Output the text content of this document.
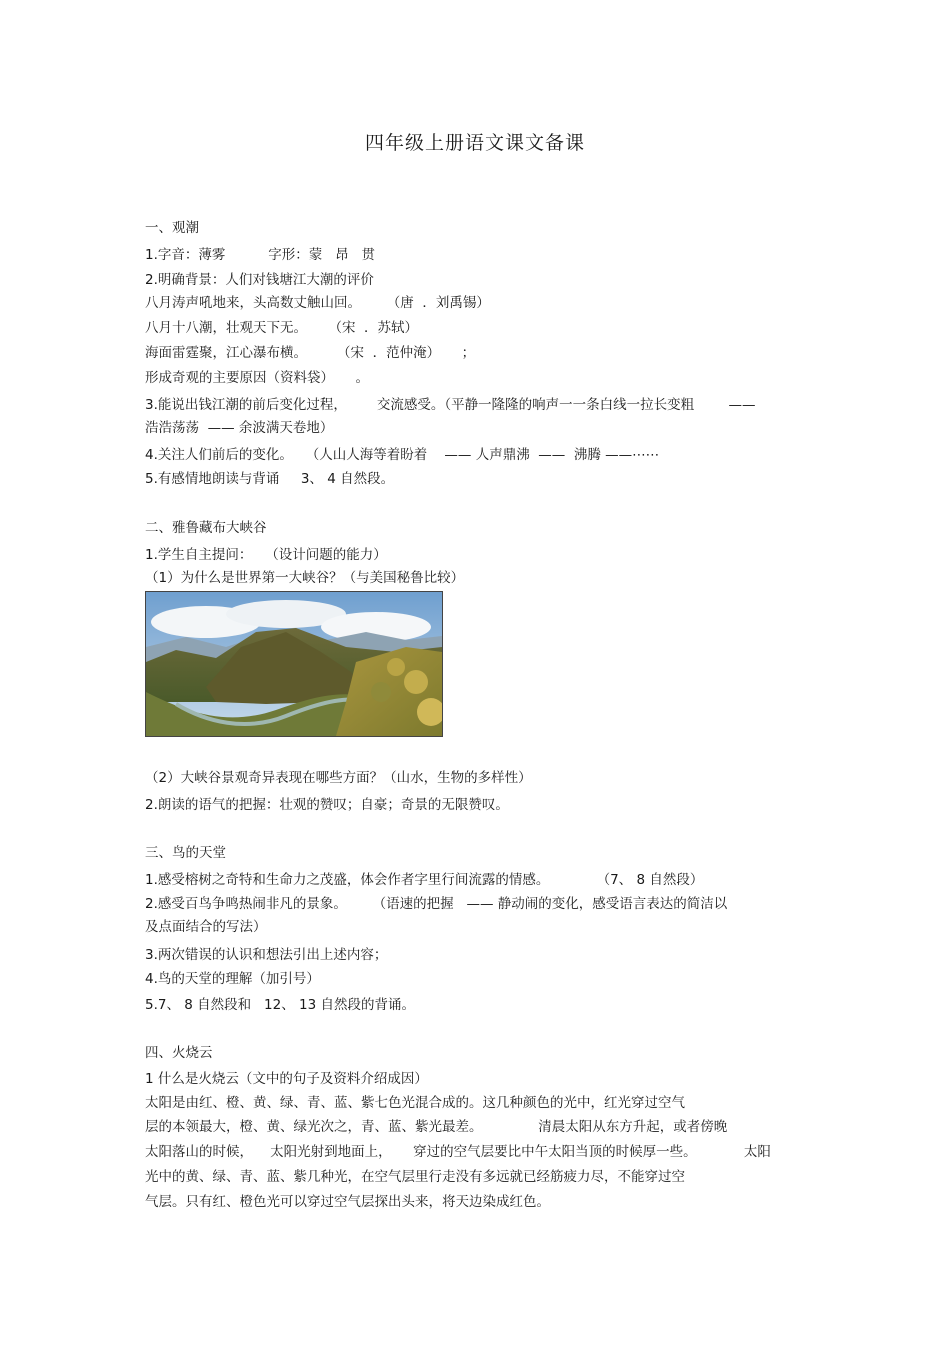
四年级上册语文课文备课

一、观潮

1.字音：薄雾          字形：蒙   昂   贯

2.明确背景：人们对钱塘江大潮的评价

八月涛声吼地来，头高数丈触山回。      （唐  ．刘禹锡）

八月十八潮，壮观天下无。     （宋  ．苏轼）

海面雷霆聚，江心瀑布横。       （宋  ．范仲淹）     ；

形成奇观的主要原因（资料袋）     。

3.能说出钱江潮的前后变化过程，       交流感受。（平静一隆隆的响声一一条白线一拉长变粗        ——

浩浩荡荡  —— 余波满天卷地）

4.关注人们前后的变化。   （人山人海等着盼着    —— 人声鼎沸  ——  沸腾 ——⋯⋯

5.有感情地朗读与背诵     3、 4 自然段。

二、雅鲁藏布大峡谷

1.学生自主提问：   （设计问题的能力）

（1）为什么是世界第一大峡谷？（与美国秘鲁比较）

（2）大峡谷景观奇异表现在哪些方面？（山水，生物的多样性）

2.朗读的语气的把握：壮观的赞叹；自豪；奇景的无限赞叹。

三、鸟的天堂

1.感受榕树之奇特和生命力之茂盛，体会作者字里行间流露的情感。           （7、 8 自然段）

2.感受百鸟争鸣热闹非凡的景象。      （语速的把握   —— 静动闹的变化，感受语言表达的简洁以

及点面结合的写法）

3.两次错误的认识和想法引出上述内容；

4.鸟的天堂的理解（加引号）

5.7、 8 自然段和   12、 13 自然段的背诵。

四、火烧云

1 什么是火烧云（文中的句子及资料介绍成因）

太阳是由红、橙、黄、绿、青、蓝、紫七色光混合成的。这几种颜色的光中，红光穿过空气

层的本领最大，橙、黄、绿光次之，青、蓝、紫光最差。             清晨太阳从东方升起，或者傍晚

太阳落山的时候，    太阳光射到地面上，     穿过的空气层要比中午太阳当顶的时候厚一些。           太阳

光中的黄、绿、青、蓝、紫几种光，在空气层里行走没有多远就已经筋疲力尽，不能穿过空

气层。只有红、橙色光可以穿过空气层探出头来，将天边染成红色。
